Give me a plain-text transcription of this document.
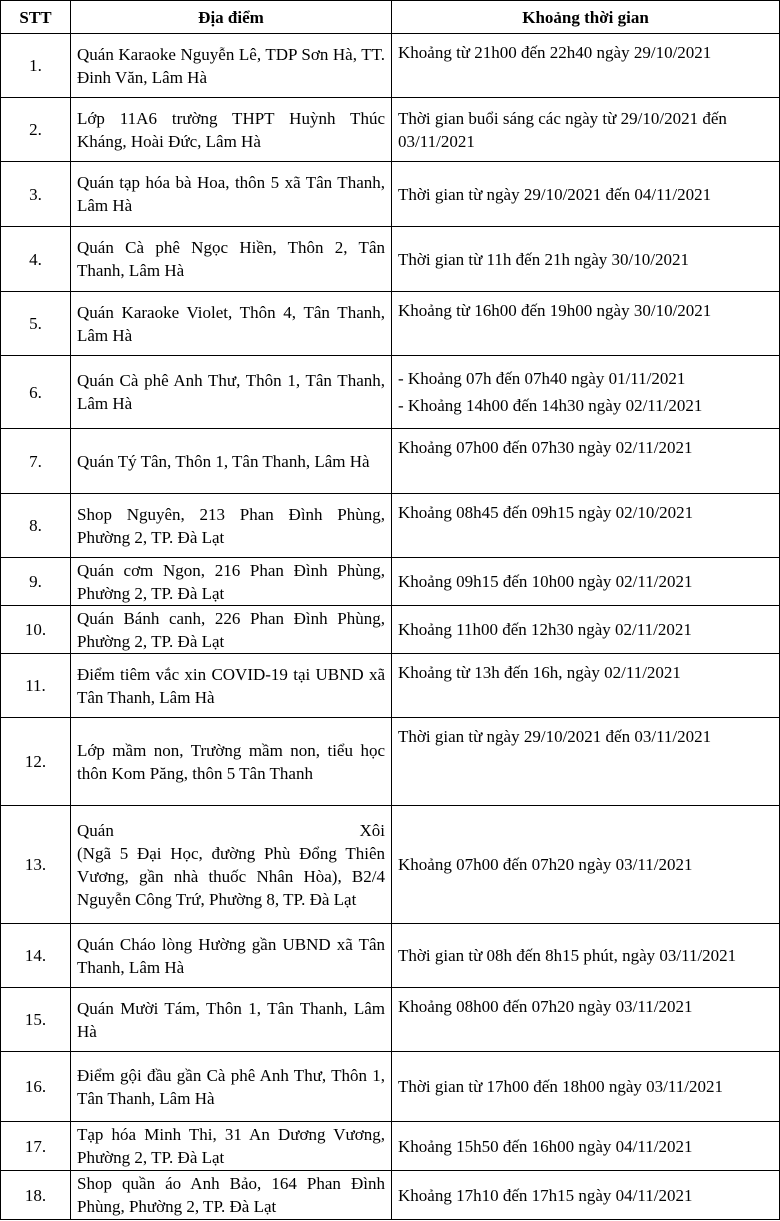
STT	Địa điểm	Khoảng thời gian
1.	Quán Karaoke Nguyễn Lê, TDP Sơn Hà, TT. Đinh Văn, Lâm Hà	Khoảng từ 21h00 đến 22h40 ngày 29/10/2021
2.	Lớp 11A6 trường THPT Huỳnh Thúc Kháng, Hoài Đức, Lâm Hà	Thời gian buổi sáng các ngày từ 29/10/2021 đến 03/11/2021
3.	Quán tạp hóa bà Hoa, thôn 5 xã Tân Thanh, Lâm Hà	Thời gian từ ngày 29/10/2021 đến 04/11/2021
4.	Quán Cà phê Ngọc Hiền, Thôn 2, Tân Thanh, Lâm Hà	Thời gian từ 11h đến 21h ngày 30/10/2021
5.	Quán Karaoke Violet, Thôn 4, Tân Thanh, Lâm Hà	Khoảng từ 16h00 đến 19h00 ngày 30/10/2021
6.	Quán Cà phê Anh Thư, Thôn 1, Tân Thanh, Lâm Hà	- Khoảng 07h đến 07h40 ngày 01/11/2021
- Khoảng 14h00 đến 14h30 ngày 02/11/2021

7.	Quán Tý Tân, Thôn 1, Tân Thanh, Lâm Hà	Khoảng 07h00 đến 07h30 ngày 02/11/2021
8.	Shop Nguyên, 213 Phan Đình Phùng, Phường 2, TP. Đà Lạt	Khoảng 08h45 đến 09h15 ngày 02/10/2021
9.	Quán cơm Ngon, 216 Phan Đình Phùng, Phường 2, TP. Đà Lạt	Khoảng 09h15 đến 10h00 ngày 02/11/2021
10.	Quán Bánh canh, 226 Phan Đình Phùng, Phường 2, TP. Đà Lạt	Khoảng 11h00 đến 12h30 ngày 02/11/2021
11.	Điểm tiêm vắc xin COVID-19 tại UBND xã Tân Thanh, Lâm Hà	Khoảng từ 13h đến 16h, ngày 02/11/2021
12.	Lớp mầm non, Trường mầm non, tiểu học thôn Kom Păng, thôn 5 Tân Thanh	Thời gian từ ngày 29/10/2021 đến 03/11/2021
13.	Quán Xôi
(Ngã 5 Đại Học, đường Phù Đổng Thiên Vương, gần nhà thuốc Nhân Hòa), B2/4 Nguyễn Công Trứ, Phường 8, TP. Đà Lạt	Khoảng 07h00 đến 07h20 ngày 03/11/2021
14.	Quán Cháo lòng Hường gần UBND xã Tân Thanh, Lâm Hà	Thời gian từ 08h đến 8h15 phút, ngày 03/11/2021
15.	Quán Mười Tám, Thôn 1, Tân Thanh, Lâm Hà	Khoảng 08h00 đến 07h20 ngày 03/11/2021
16.	Điểm gội đầu gần Cà phê Anh Thư, Thôn 1, Tân Thanh, Lâm Hà	Thời gian từ 17h00 đến 18h00 ngày 03/11/2021
17.	Tạp hóa Minh Thi, 31 An Dương Vương, Phường 2, TP. Đà Lạt	Khoảng 15h50 đến 16h00 ngày 04/11/2021
18.	Shop quần áo Anh Bảo, 164 Phan Đình Phùng, Phường 2, TP. Đà Lạt	Khoảng 17h10 đến 17h15 ngày 04/11/2021
